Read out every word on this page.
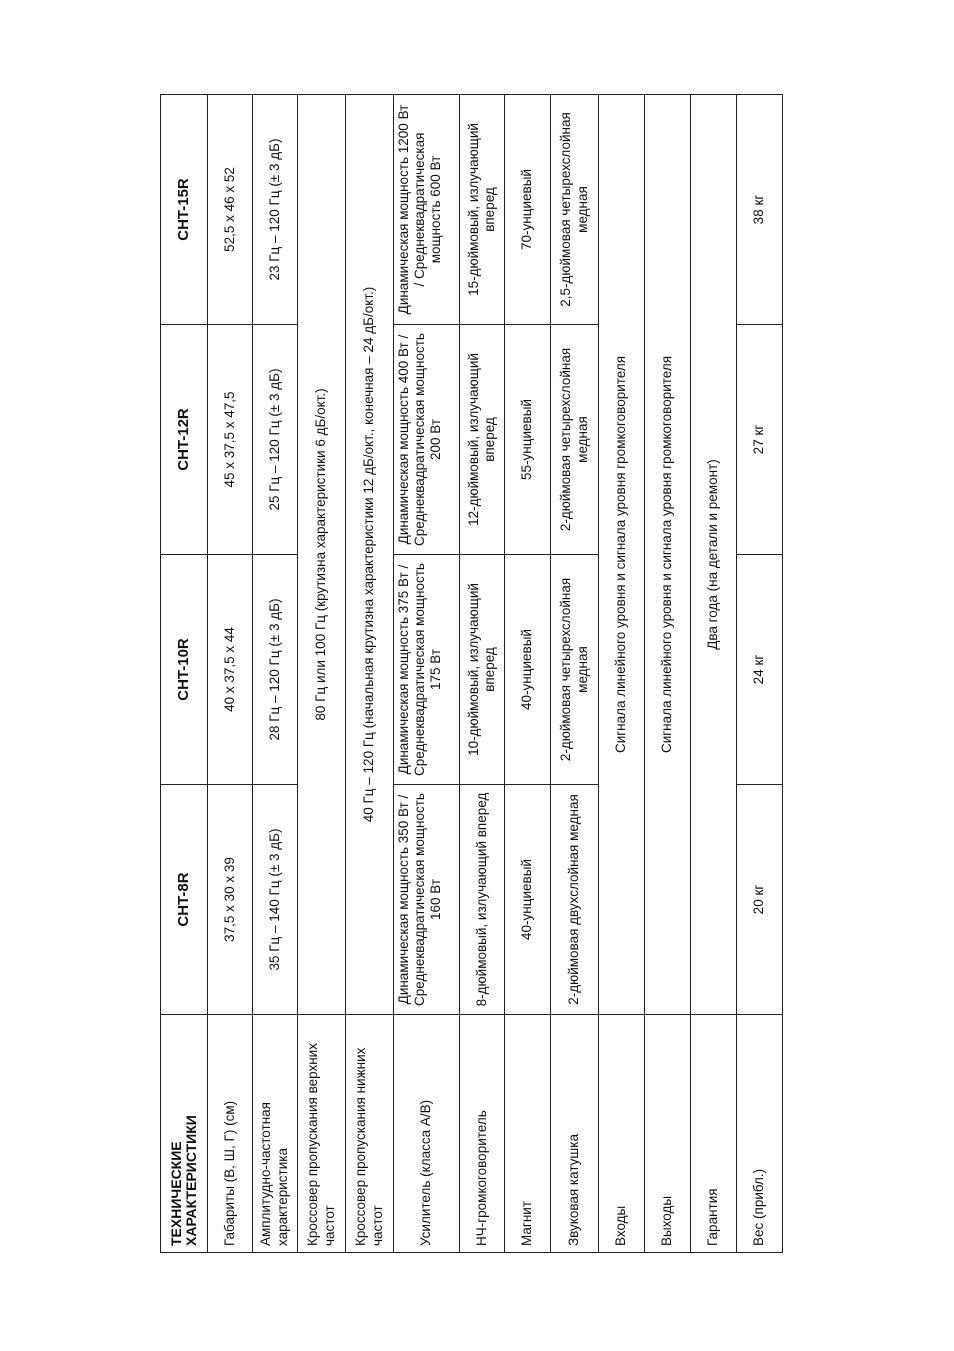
ТЕХНИЧЕСКИЕ ХАРАКТЕРИСТИКИ	CHT-8R	CHT-10R	CHT-12R	CHT-15R
Габариты (В, Ш, Г) (см)	37,5 x 30 x 39	40 x 37,5 x 44	45 x 37,5 x 47,5	52,5 x 46 x 52
Амплитудно-частотная характеристика	35 Гц – 140 Гц (± 3 дБ)	28 Гц – 120 Гц (± 3 дБ)	25 Гц – 120 Гц (± 3 дБ)	23 Гц – 120 Гц (± 3 дБ)
Кроссовер пропускания верхних частот	80 Гц или 100 Гц (крутизна характеристики 6 дБ/окт.)			
Кроссовер пропускания нижних частот	40 Гц – 120 Гц (начальная крутизна характеристики 12 дБ/окт., конечная – 24 дБ/окт.)			
Усилитель (класса A/B)	Динамическая мощность 350 Вт / Среднеквадратическая мощность 160 Вт	Динамическая мощность 375 Вт / Среднеквадратическая мощность 175 Вт	Динамическая мощность 400 Вт / Среднеквадратическая мощность 200 Вт	Динамическая мощность 1200 Вт / Среднеквадратическая мощность 600 Вт
НЧ-громкоговоритель	8-дюймовый, излучающий вперед	10-дюймовый, излучающий вперед	12-дюймовый, излучающий вперед	15-дюймовый, излучающий вперед
Магнит	40-унциевый	40-унциевый	55-унциевый	70-унциевый
Звуковая катушка	2-дюймовая двухслойная медная	2-дюймовая четырехслойная медная	2-дюймовая четырехслойная медная	2,5-дюймовая четырехслойная медная
Входы	Сигнала линейного уровня и сигнала уровня громкоговорителя			
Выходы	Сигнала линейного уровня и сигнала уровня громкоговорителя			
Гарантия	Два года (на детали и ремонт)			
Вес (прибл.)	20 кг	24 кг	27 кг	38 кг
